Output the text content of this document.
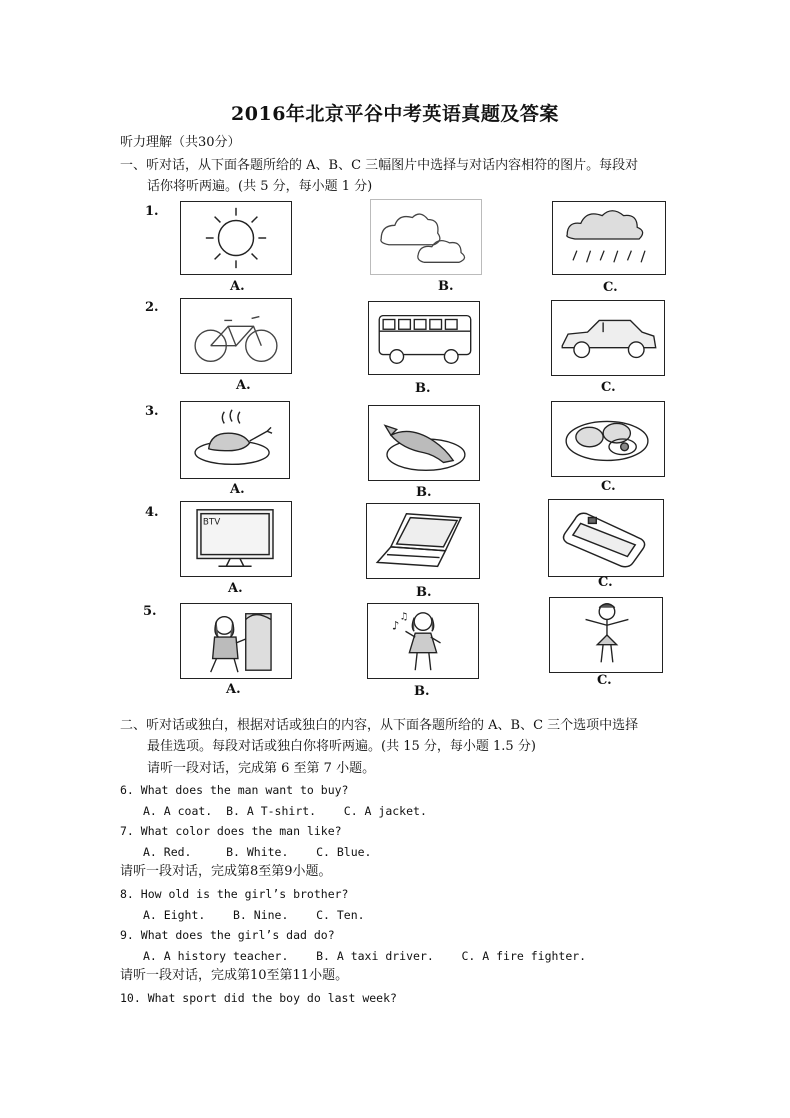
2016年北京平谷中考英语真题及答案
听力理解（共30分）
一、听对话，从下面各题所给的 A、B、C 三幅图片中选择与对话内容相符的图片。每段对
话你将听两遍。(共 5 分，每小题 1 分)
1.
A.	B.	C.
2.
A.	B.	C.
3.
A.	B.	C.
4.
BTV
A.	B.
C.
5.
A.
♪
♫
B.
C.
二、听对话或独白，根据对话或独白的内容，从下面各题所给的 A、B、C 三个选项中选择
最佳选项。每段对话或独白你将听两遍。(共 15 分，每小题 1.5 分)
请听一段对话，完成第 6 至第 7 小题。
6. What does the man want to buy?
A. A coat.  B. A T-shirt.    C. A jacket.
7. What color does the man like?
A. Red.     B. White.    C. Blue.
请听一段对话，完成第8至第9小题。
8. How old is the girl’s brother?
A. Eight.    B. Nine.    C. Ten.
9. What does the girl’s dad do?
A. A history teacher.    B. A taxi driver.    C. A fire fighter.
请听一段对话，完成第10至第11小题。
10. What sport did the boy do last week?
